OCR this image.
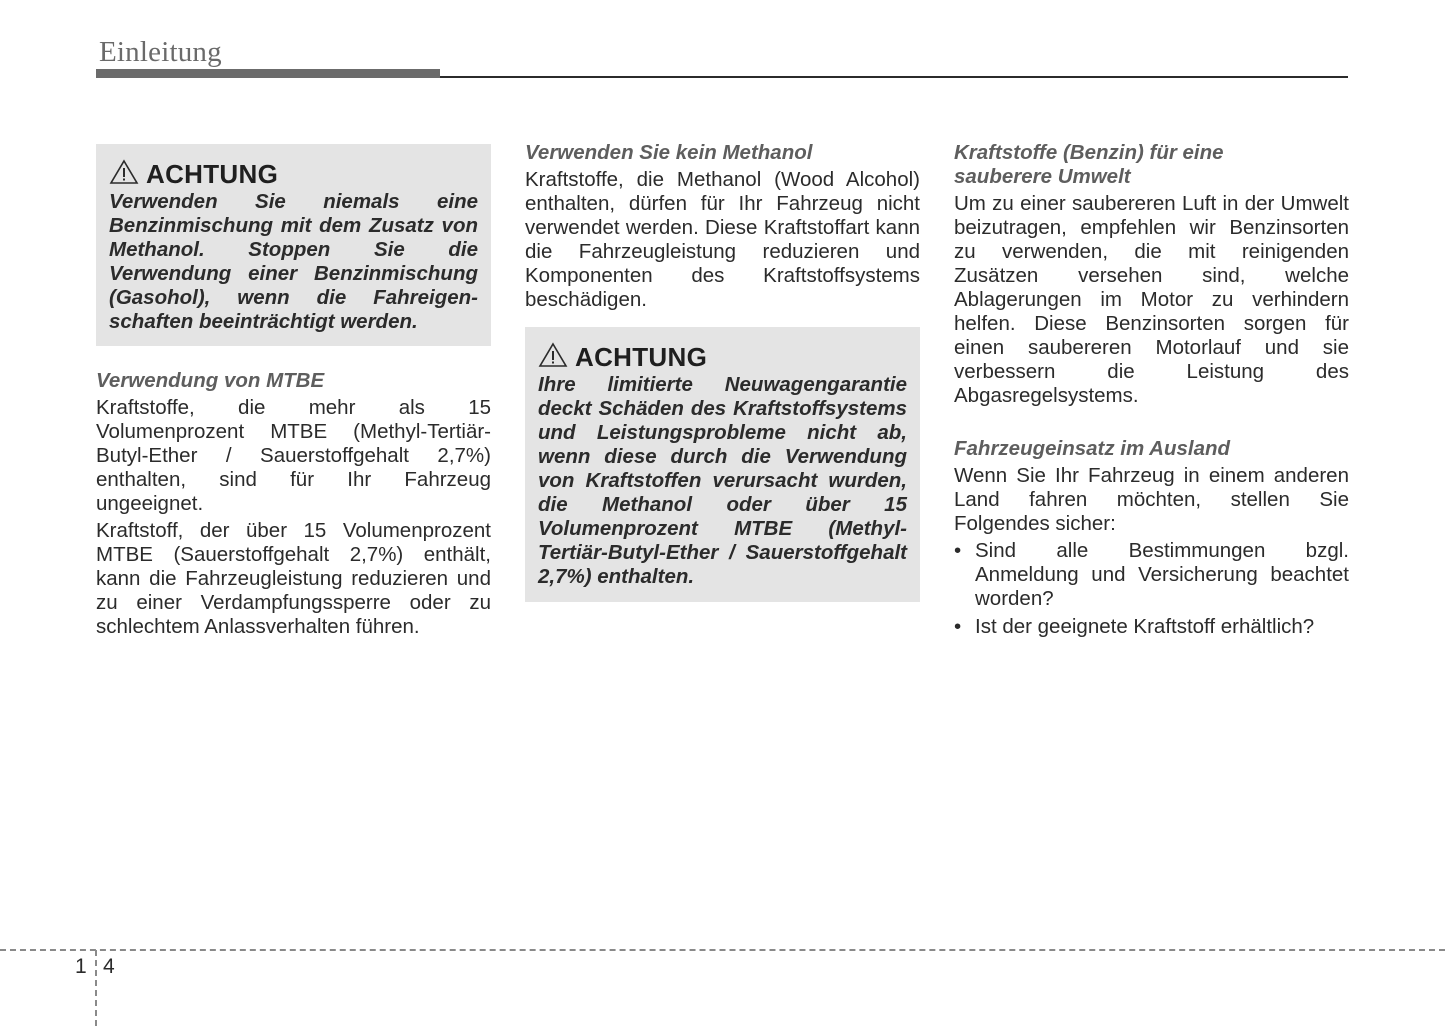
Einleitung
ACHTUNG
Verwenden Sie niemals eine Benzinmischung mit dem Zusatz von Methanol. Stoppen Sie die Verwendung einer Benzinmischung (Gasohol), wenn die Fahreigen- schaften beeinträchtigt werden.
Verwendung von MTBE

Kraftstoffe, die mehr als 15 Volumenprozent MTBE (Methyl-Tertiär-Butyl-Ether / Sauerstoffgehalt 2,7%) enthalten, sind für Ihr Fahrzeug ungeeignet.

Kraftstoff, der über 15 Volumenprozent MTBE (Sauerstoffgehalt 2,7%) enthält, kann die Fahrzeugleistung reduzieren und zu einer Verdampfungssperre oder zu schlechtem Anlassverhalten führen.

Verwenden Sie kein Methanol

Kraftstoffe, die Methanol (Wood Alcohol) enthalten, dürfen für Ihr Fahrzeug nicht verwendet werden. Diese Kraftstoffart kann die Fahrzeugleistung reduzieren und Komponenten des Kraftstoffsystems beschädigen.

ACHTUNG
Ihre limitierte Neuwagengarantie deckt Schäden des Kraftstoffsystems und Leistungsprobleme nicht ab, wenn diese durch die Verwendung von Kraftstoffen verursacht wurden, die Methanol oder über 15 Volumenprozent MTBE (Methyl-Tertiär-Butyl-Ether / Sauerstoffgehalt 2,7%) enthalten.
Kraftstoffe (Benzin) für eine
sauberere Umwelt

Um zu einer saubereren Luft in der Umwelt beizutragen, empfehlen wir Benzinsorten zu verwenden, die mit reinigenden Zusätzen versehen sind, welche Ablagerungen im Motor zu verhindern helfen. Diese Benzinsorten sorgen für einen saubereren Motorlauf und sie verbessern die Leistung des Abgasregelsystems.

Fahrzeugeinsatz im Ausland

Wenn Sie Ihr Fahrzeug in einem anderen Land fahren möchten, stellen Sie Folgendes sicher:

• Sind alle Bestimmungen bzgl. Anmeldung und Versicherung beachtet worden?
• Ist der geeignete Kraftstoff erhältlich?
1 4
